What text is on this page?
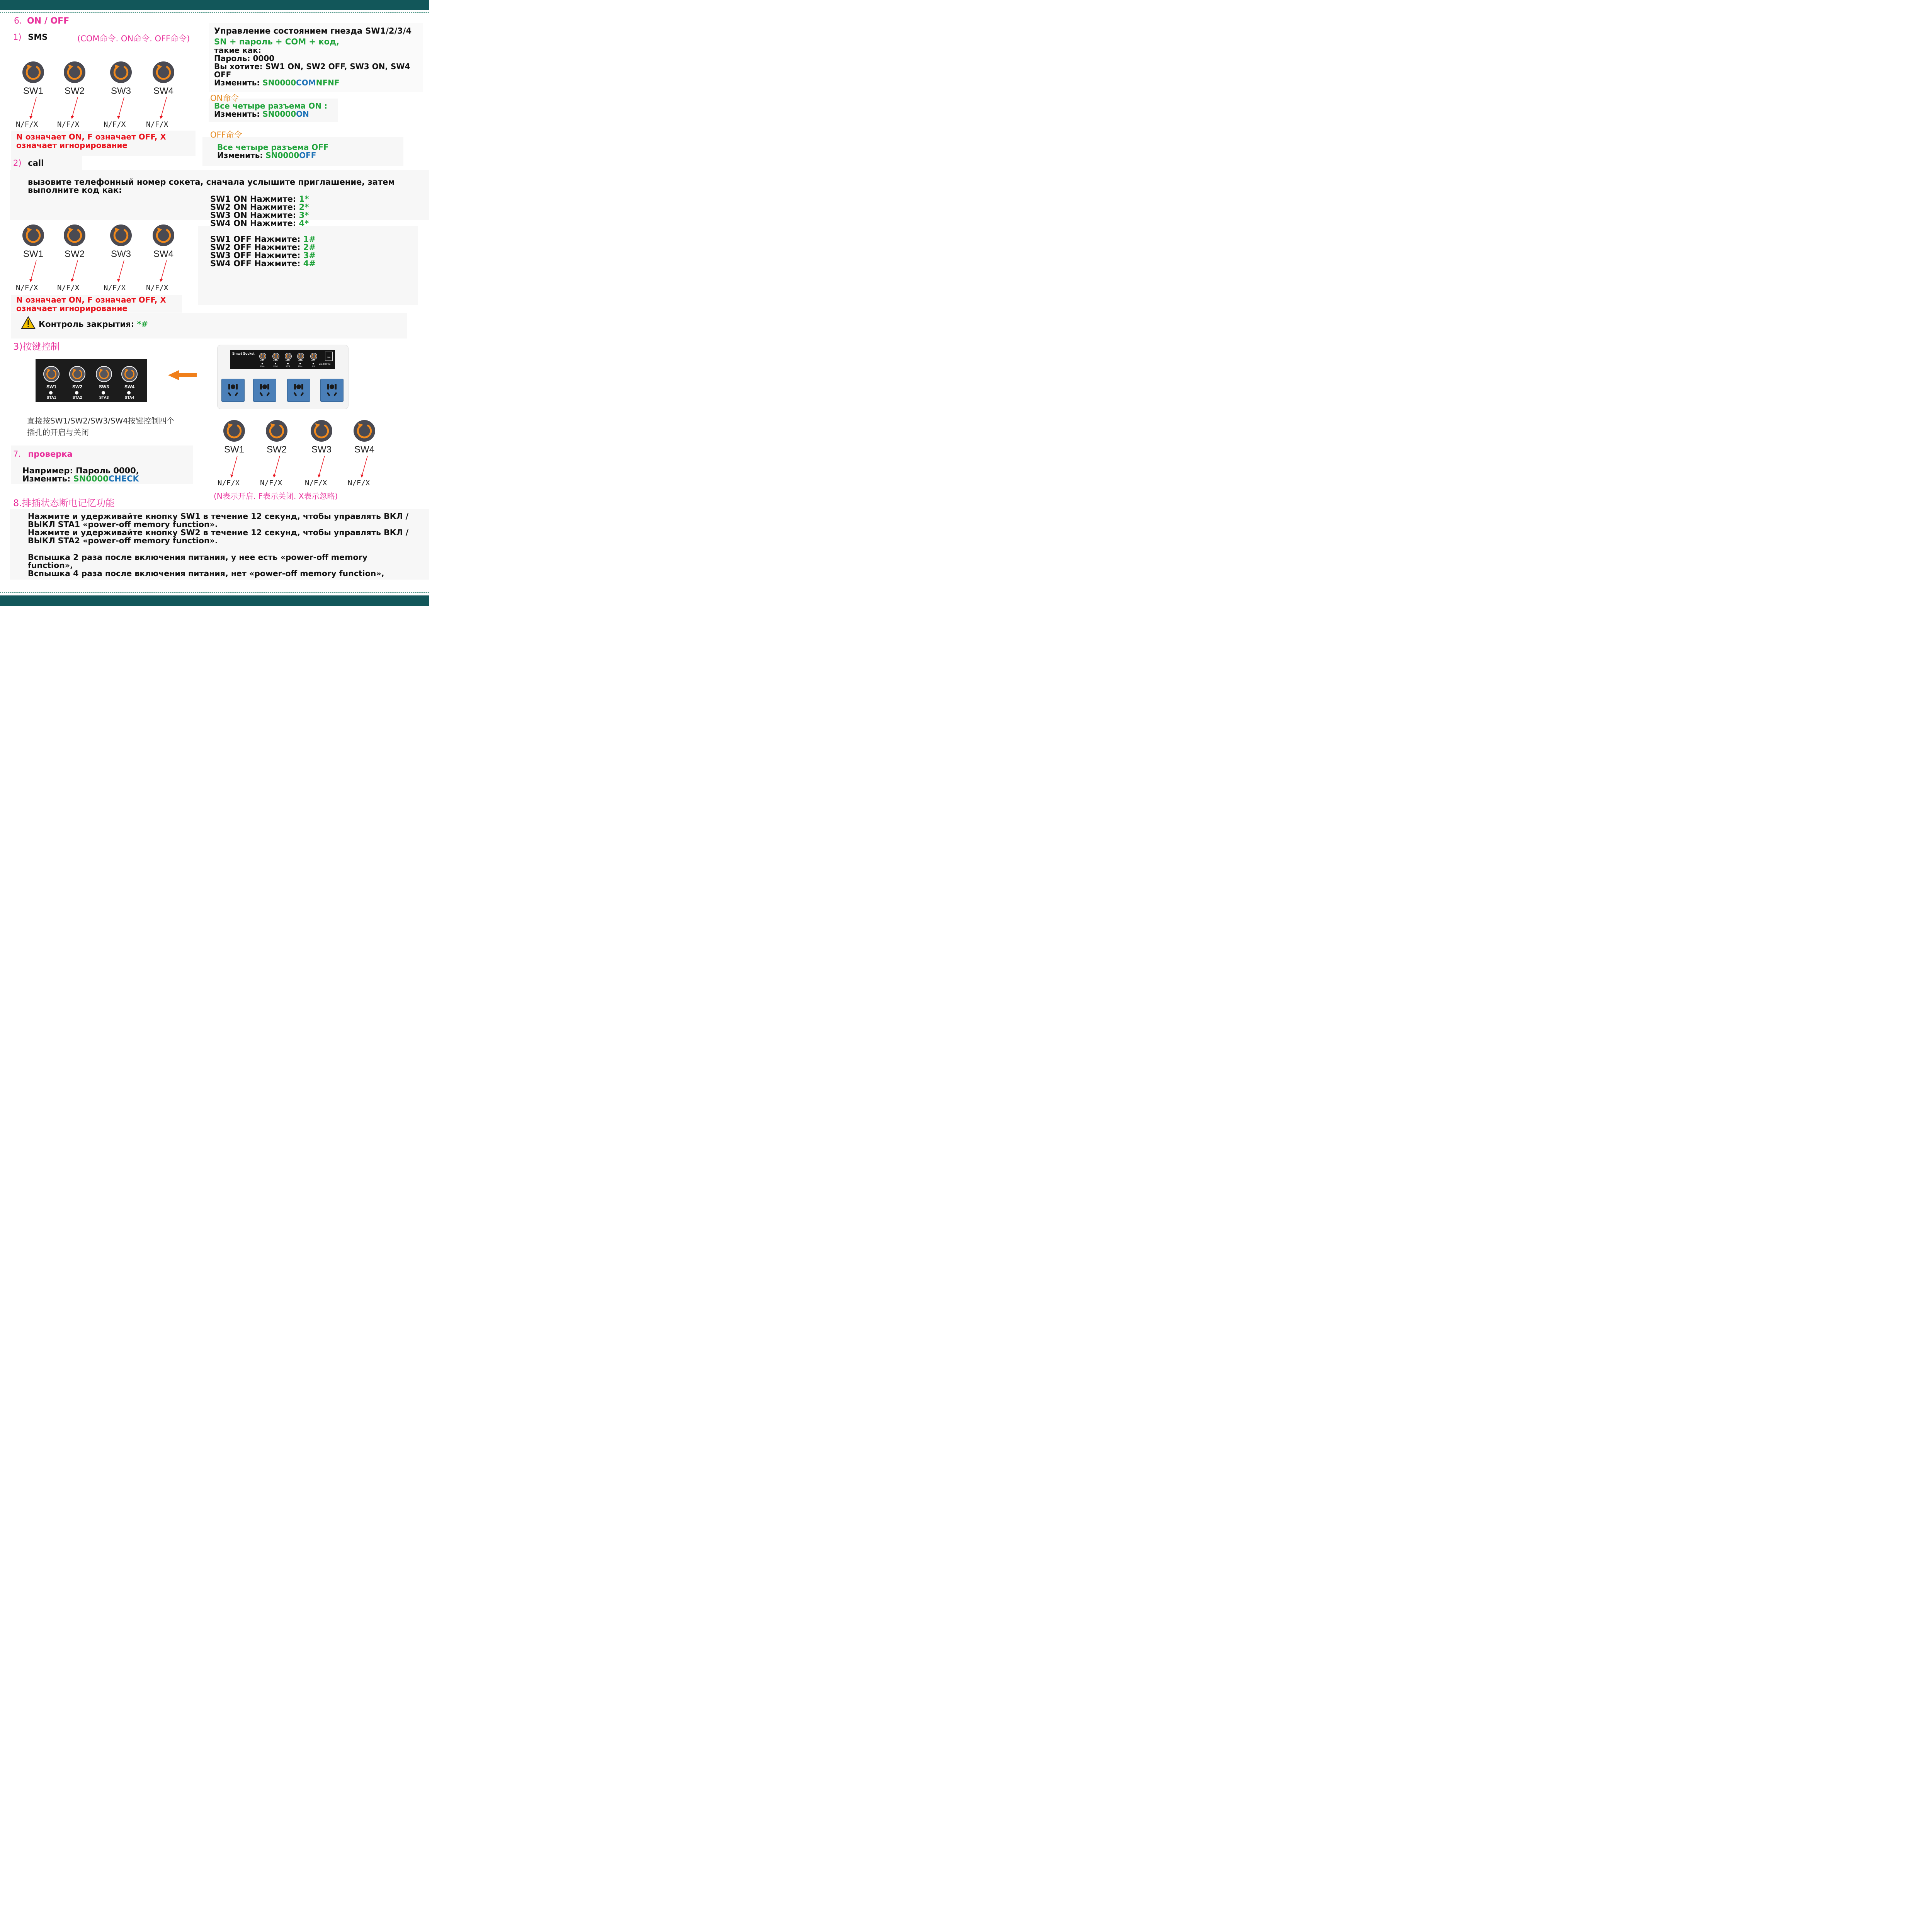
6. ON / OFF
1) SMS	(COM命令. ON命令. OFF命令)
Управление состоянием гнезда SW1/2/3/4
SN + пароль + COM + код,
такие как:
Пароль: 0000
Вы хотите: SW1 ON, SW2 OFF, SW3 ON, SW4
OFF
Изменить: SN0000COMNFNF
ON命令
Все четыре разъема ON :
Изменить: SN0000ON
OFF命令
Все четыре разъема OFF
Изменить: SN0000OFF
SW1
N/F/X
SW2
N/F/X
SW3
N/F/X
SW4
N/F/X
SW1
N/F/X
SW2
N/F/X
SW3
N/F/X
SW4
N/F/X
SW1
N/F/X
SW2
N/F/X
SW3
N/F/X
SW4
N/F/X
N означает ON, F означает OFF, X
означает игнорирование
2) call
вызовите телефонный номер сокета, сначала услышите приглашение, затем
выполните код как:
SW1 ON Нажмите: 1*
SW2 ON Нажмите: 2*
SW3 ON Нажмите: 3*
SW4 ON Нажмите: 4*
SW1 OFF Нажмите: 1#
SW2 OFF Нажмите: 2#
SW3 OFF Нажмите: 3#
SW4 OFF Нажмите: 4#
N означает ON, F означает OFF, X
означает игнорирование
Контроль закрытия: *#
3)按键控制
SW1
STA1
SW2
STA2
SW3
STA3
SW4
STA4
直接按SW1/SW2/SW3/SW4按键控制四个
插孔的开启与关闭
Smart Socket
SW1
STA1
SW2
STA2
SW3
STA3
SW4
STA4
SET
SIG
SIM
CE RoHS
(N表示开启. F表示关闭. X表示忽略)
7. проверка
Например: Пароль 0000,
Изменить: SN0000CHECK
8.排插状态断电记忆功能
Нажмите и удерживайте кнопку SW1 в течение 12 секунд, чтобы управлять ВКЛ /
ВЫКЛ STA1 «power-off memory function».
Нажмите и удерживайте кнопку SW2 в течение 12 секунд, чтобы управлять ВКЛ /
ВЫКЛ STA2 «power-off memory function».
Вспышка 2 раза после включения питания, у нее есть «power-off memory
function»,
Вспышка 4 раза после включения питания, нет «power-off memory function»,
